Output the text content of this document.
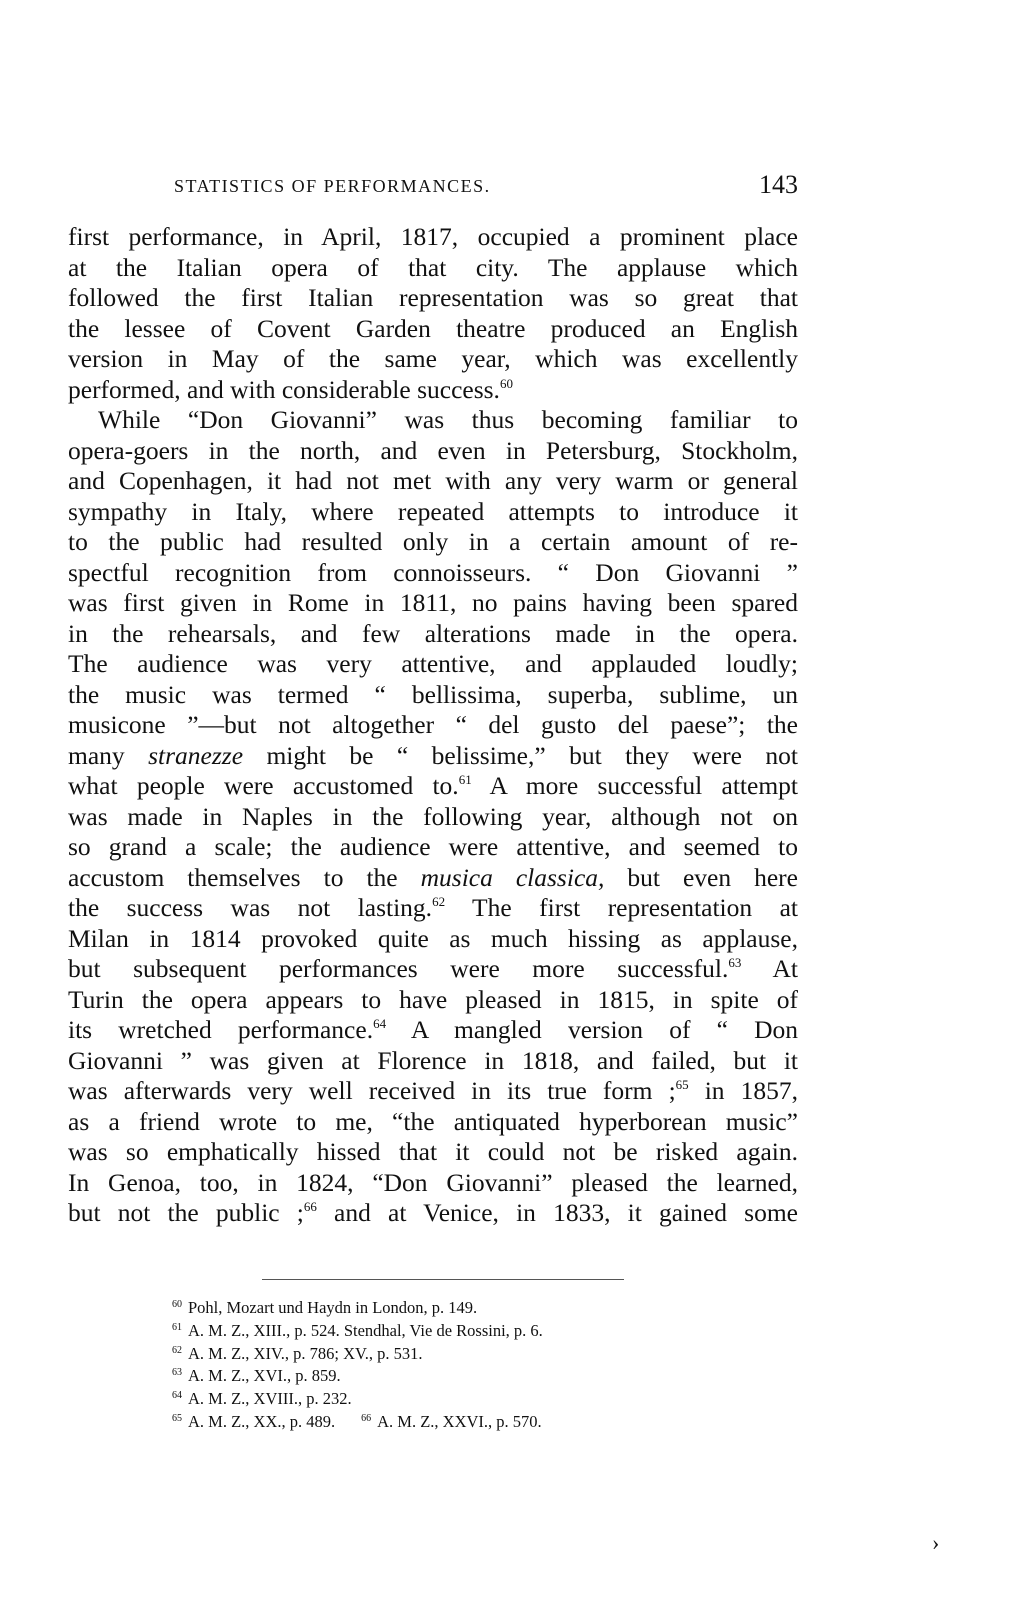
STATISTICS OF PERFORMANCES.	143
first performance, in April, 1817, occupied a prominent place
at the Italian opera of that city. The applause which
followed the first Italian representation was so great that
the lessee of Covent Garden theatre produced an English
version in May of the same year, which was excellently
performed, and with considerable success.$^{60}$
While “Don Giovanni” was thus becoming familiar to
opera-goers in the north, and even in Petersburg, Stockholm,
and Copenhagen, it had not met with any very warm or general
sympathy in Italy, where repeated attempts to introduce it
to the public had resulted only in a certain amount of re-
spectful recognition from connoisseurs. “ Don Giovanni ”
was first given in Rome in 1811, no pains having been spared
in the rehearsals, and few alterations made in the opera.
The audience was very attentive, and applauded loudly;
the music was termed “ bellissima, superba, sublime, un
musicone ”—but not altogether “ del gusto del paese”; the
many stranezze might be “ belissime,” but they were not
what people were accustomed to.$^{61}$ A more successful attempt
was made in Naples in the following year, although not on
so grand a scale; the audience were attentive, and seemed to
accustom themselves to the musica classica, but even here
the success was not lasting.$^{62}$ The first representation at
Milan in 1814 provoked quite as much hissing as applause,
but subsequent performances were more successful.$^{63}$ At
Turin the opera appears to have pleased in 1815, in spite of
its wretched performance.$^{64}$ A mangled version of “ Don
Giovanni ” was given at Florence in 1818, and failed, but it
was afterwards very well received in its true form ;$^{65}$ in 1857,
as a friend wrote to me, “the antiquated hyperborean music”
was so emphatically hissed that it could not be risked again.
In Genoa, too, in 1824, “Don Giovanni” pleased the learned,
but not the public ;$^{66}$ and at Venice, in 1833, it gained some
$^{60}$ Pohl, Mozart und Haydn in London, p. 149.
$^{61}$ A. M. Z., XIII., p. 524. Stendhal, Vie de Rossini, p. 6.
$^{62}$ A. M. Z., XIV., p. 786; XV., p. 531.
$^{63}$ A. M. Z., XVI., p. 859.
$^{64}$ A. M. Z., XVIII., p. 232.
$^{65}$ A. M. Z., XX., p. 489.	$^{66}$ A. M. Z., XXVI., p. 570.
›
